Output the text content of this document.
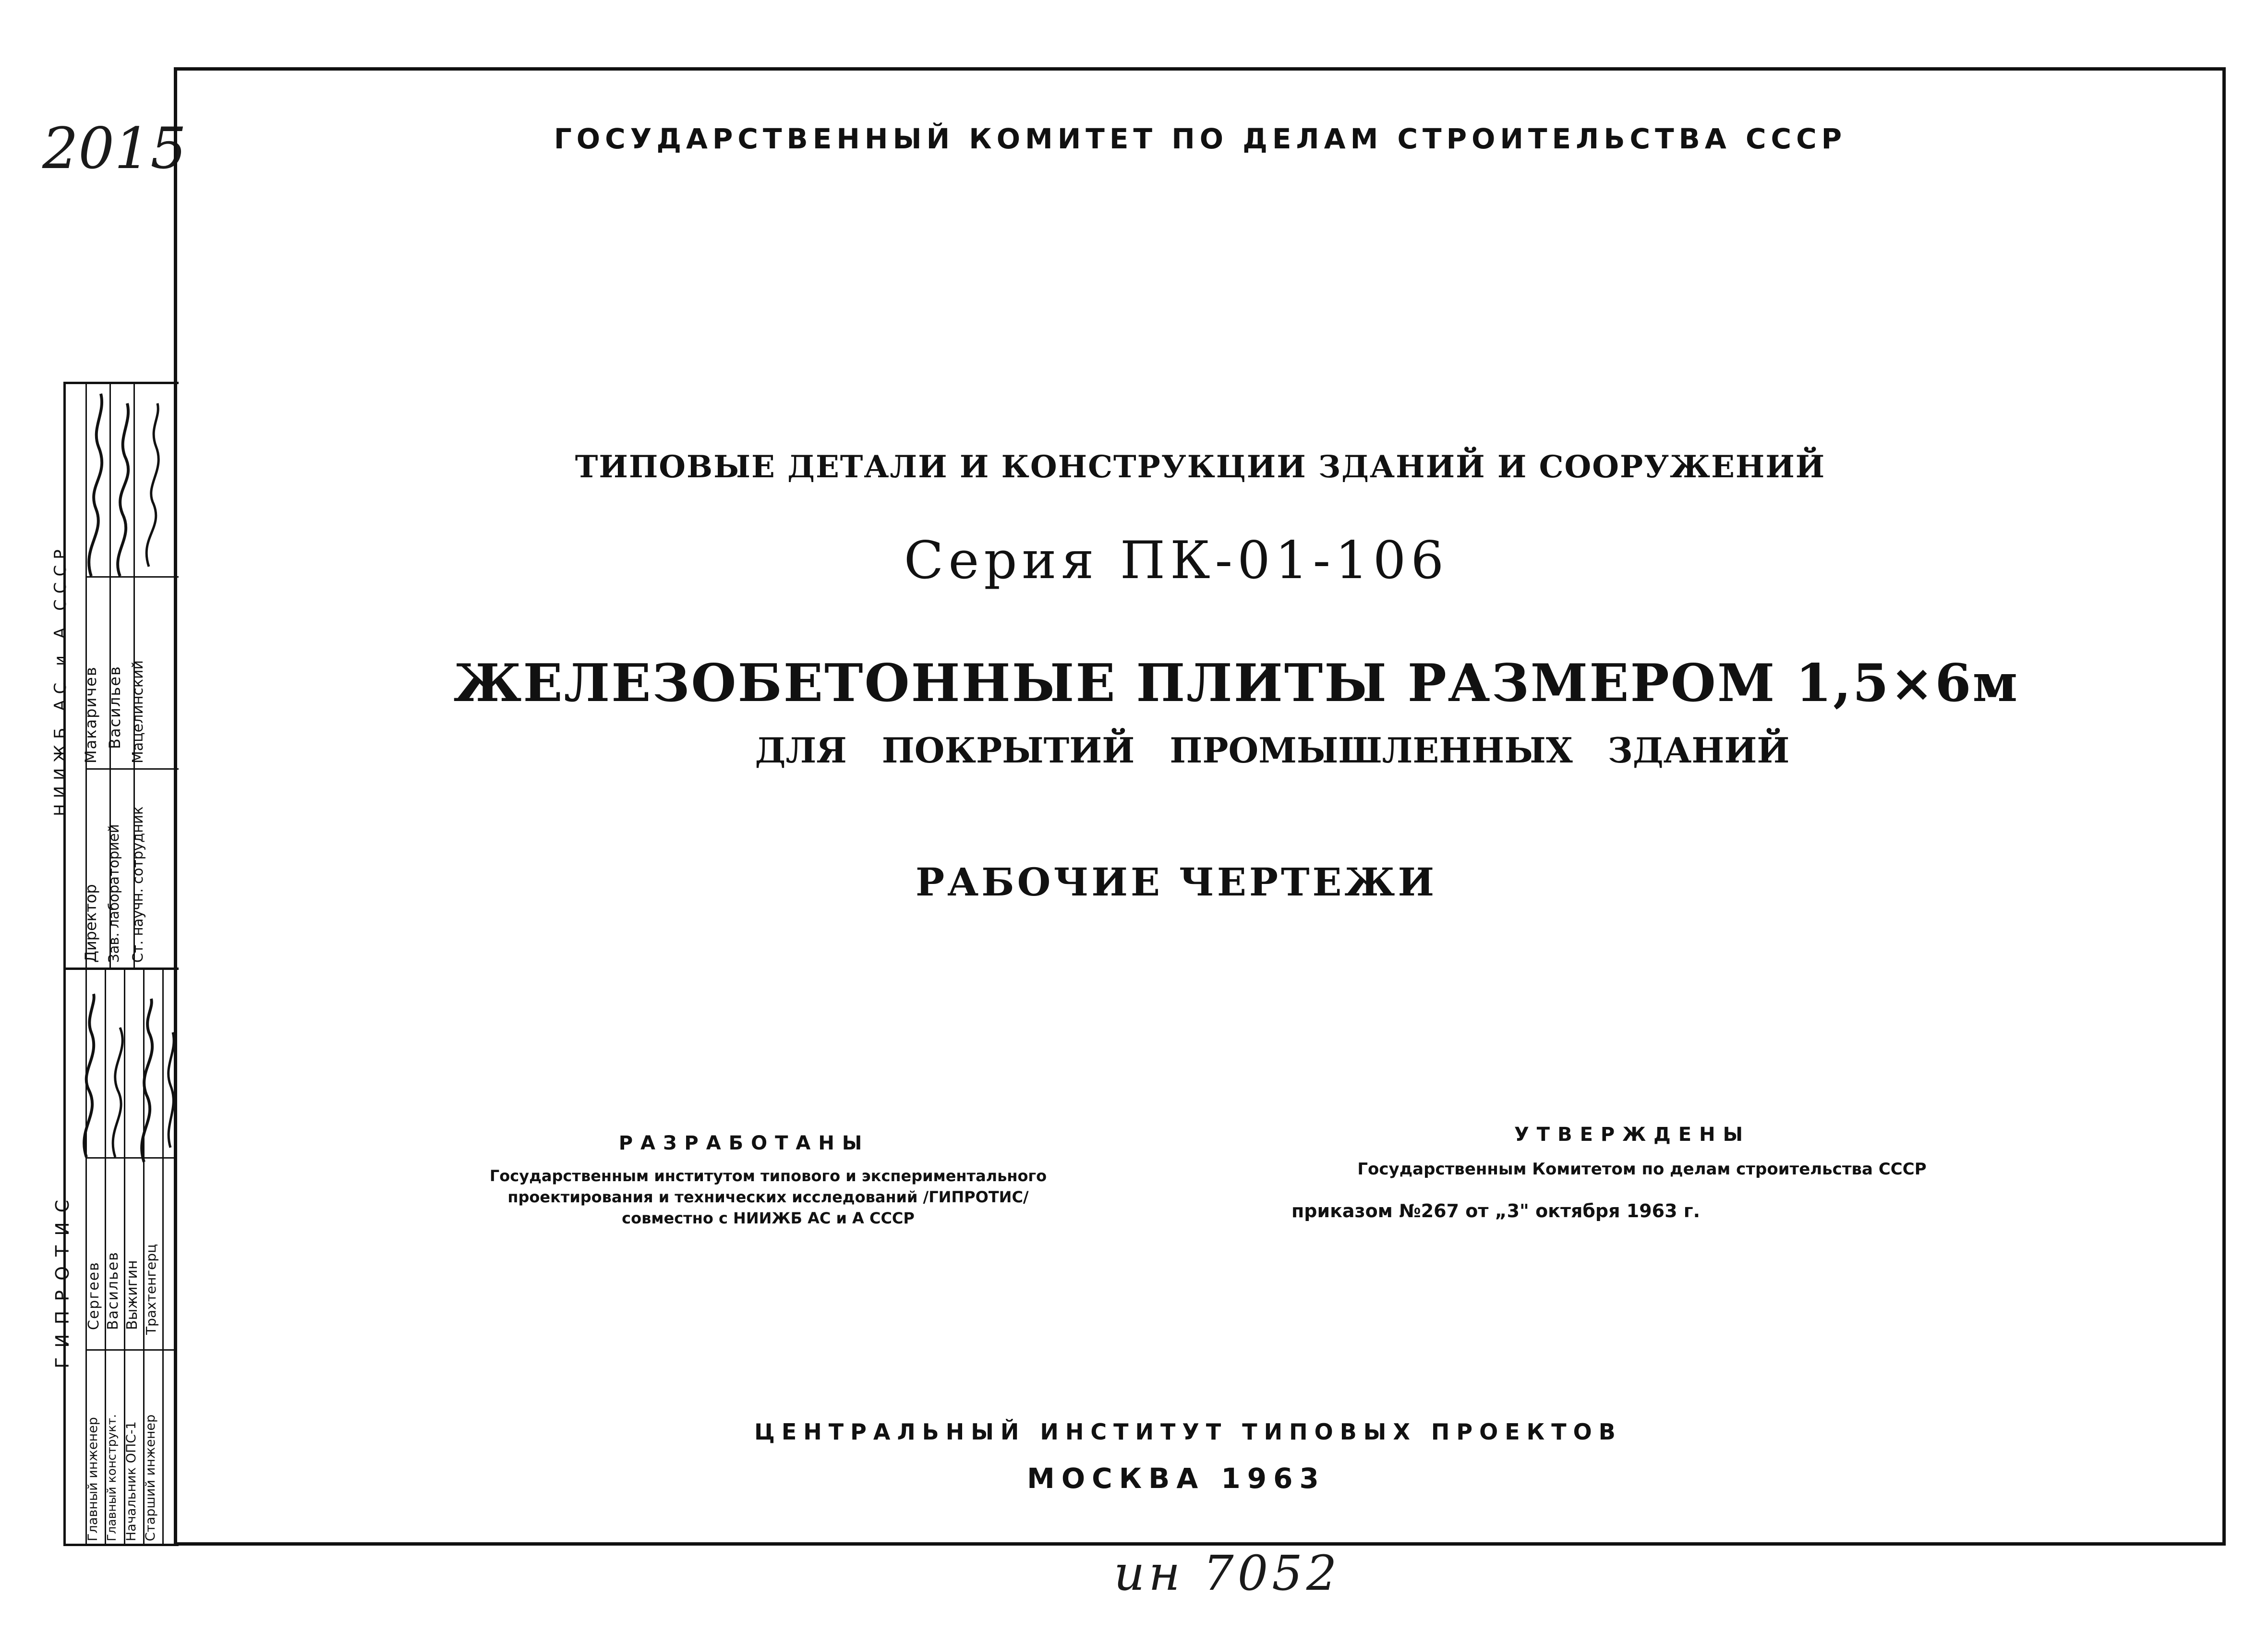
2015
ин 7052
ГОСУДАРСТВЕННЫЙ КОМИТЕТ ПО ДЕЛАМ СТРОИТЕЛЬСТВА СССР
ТИПОВЫЕ ДЕТАЛИ И КОНСТРУКЦИИ ЗДАНИЙ И СООРУЖЕНИЙ
Серия ПК-01-106
ЖЕЛЕЗОБЕТОННЫЕ ПЛИТЫ РАЗМЕРОМ 1,5×6м
ДЛЯ ПОКРЫТИЙ ПРОМЫШЛЕННЫХ ЗДАНИЙ
РАБОЧИЕ ЧЕРТЕЖИ
РАЗРАБОТАНЫ
Государственным институтом типового и экспериментального
проектирования и технических исследований /ГИПРОТИС/
совместно с НИИЖБ АС и А СССР
УТВЕРЖДЕНЫ
Государственным Комитетом по делам строительства СССР
приказом №267 от „3" октября 1963 г.
ЦЕНТРАЛЬНЫЙ ИНСТИТУТ ТИПОВЫХ ПРОЕКТОВ
МОСКВА 1963
НИИЖБ АС и А СССР
Директор Зав. лабораторией Ст. научн. сотрудник
Макаричев Васильев Мацелинский
ГИПРОТИС
Главный инженер Главный конструкт. Начальник ОПС-1 Старший инженер
Сергеев Васильев Выжигин Трахтенгерц
